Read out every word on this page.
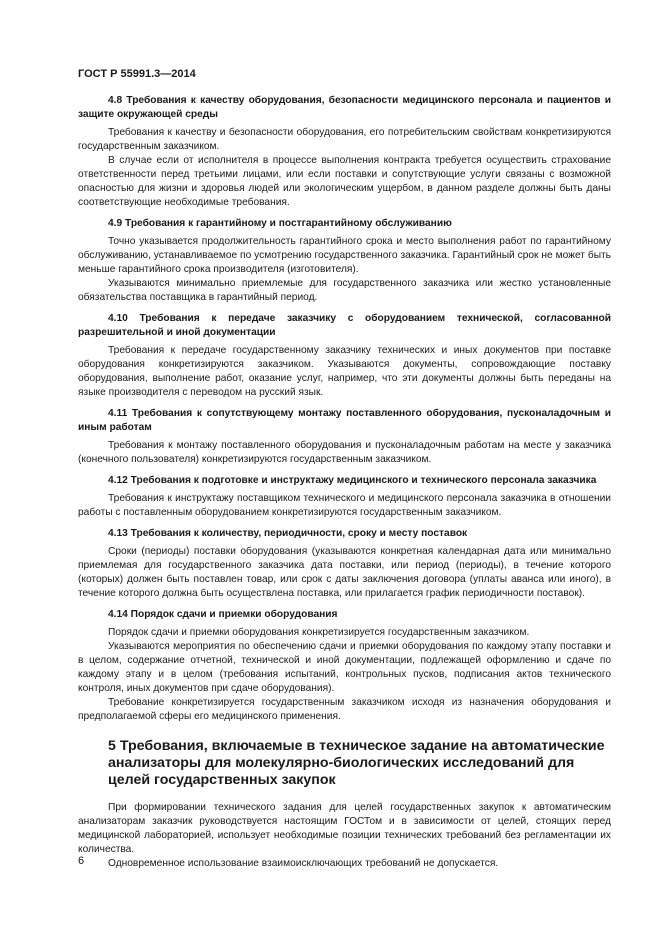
ГОСТ Р 55991.3—2014
4.8 Требования к качеству оборудования, безопасности медицинского персонала и пациентов и защите окружающей среды

Требования к качеству и безопасности оборудования, его потребительским свойствам конкретизируются государственным заказчиком.

В случае если от исполнителя в процессе выполнения контракта требуется осуществить страхование ответственности перед третьими лицами, или если поставки и сопутствующие услуги связаны с возможной опасностью для жизни и здоровья людей или экологическим ущербом, в данном разделе должны быть даны соответствующие необходимые требования.

4.9 Требования к гарантийному и постгарантийному обслуживанию

Точно указывается продолжительность гарантийного срока и место выполнения работ по гарантийному обслуживанию, устанавливаемое по усмотрению государственного заказчика. Гарантийный срок не может быть меньше гарантийного срока производителя (изготовителя).

Указываются минимально приемлемые для государственного заказчика или жестко установленные обязательства поставщика в гарантийный период.

4.10 Требования к передаче заказчику с оборудованием технической, согласованной разрешительной и иной документации

Требования к передаче государственному заказчику технических и иных документов при поставке оборудования конкретизируются заказчиком. Указываются документы, сопровождающие поставку оборудования, выполнение работ, оказание услуг, например, что эти документы должны быть переданы на языке производителя с переводом на русский язык.

4.11 Требования к сопутствующему монтажу поставленного оборудования, пусконаладочным и иным работам

Требования к монтажу поставленного оборудования и пусконаладочным работам на месте у заказчика (конечного пользователя) конкретизируются государственным заказчиком.

4.12 Требования к подготовке и инструктажу медицинского и технического персонала заказчика

Требования к инструктажу поставщиком технического и медицинского персонала заказчика в отношении работы с поставленным оборудованием конкретизируются государственным заказчиком.

4.13 Требования к количеству, периодичности, сроку и месту поставок

Сроки (периоды) поставки оборудования (указываются конкретная календарная дата или минимально приемлемая для государственного заказчика дата поставки, или период (периоды), в течение которого (которых) должен быть поставлен товар, или срок с даты заключения договора (уплаты аванса или иного), в течение которого должна быть осуществлена поставка, или прилагается график периодичности поставок).

4.14 Порядок сдачи и приемки оборудования

Порядок сдачи и приемки оборудования конкретизируется государственным заказчиком.

Указываются мероприятия по обеспечению сдачи и приемки оборудования по каждому этапу поставки и в целом, содержание отчетной, технической и иной документации, подлежащей оформлению и сдаче по каждому этапу и в целом (требования испытаний, контрольных пусков, подписания актов технического контроля, иных документов при сдаче оборудования).

Требование конкретизируется государственным заказчиком исходя из назначения оборудования и предполагаемой сферы его медицинского применения.

5 Требования, включаемые в техническое задание на автоматические анализаторы для молекулярно-биологических исследований для целей государственных закупок

При формировании технического задания для целей государственных закупок к автоматическим анализаторам заказчик руководствуется настоящим ГОСТом и в зависимости от целей, стоящих перед медицинской лабораторией, использует необходимые позиции технических требований без регламентации их количества.

Одновременное использование взаимоисключающих требований не допускается.

6
